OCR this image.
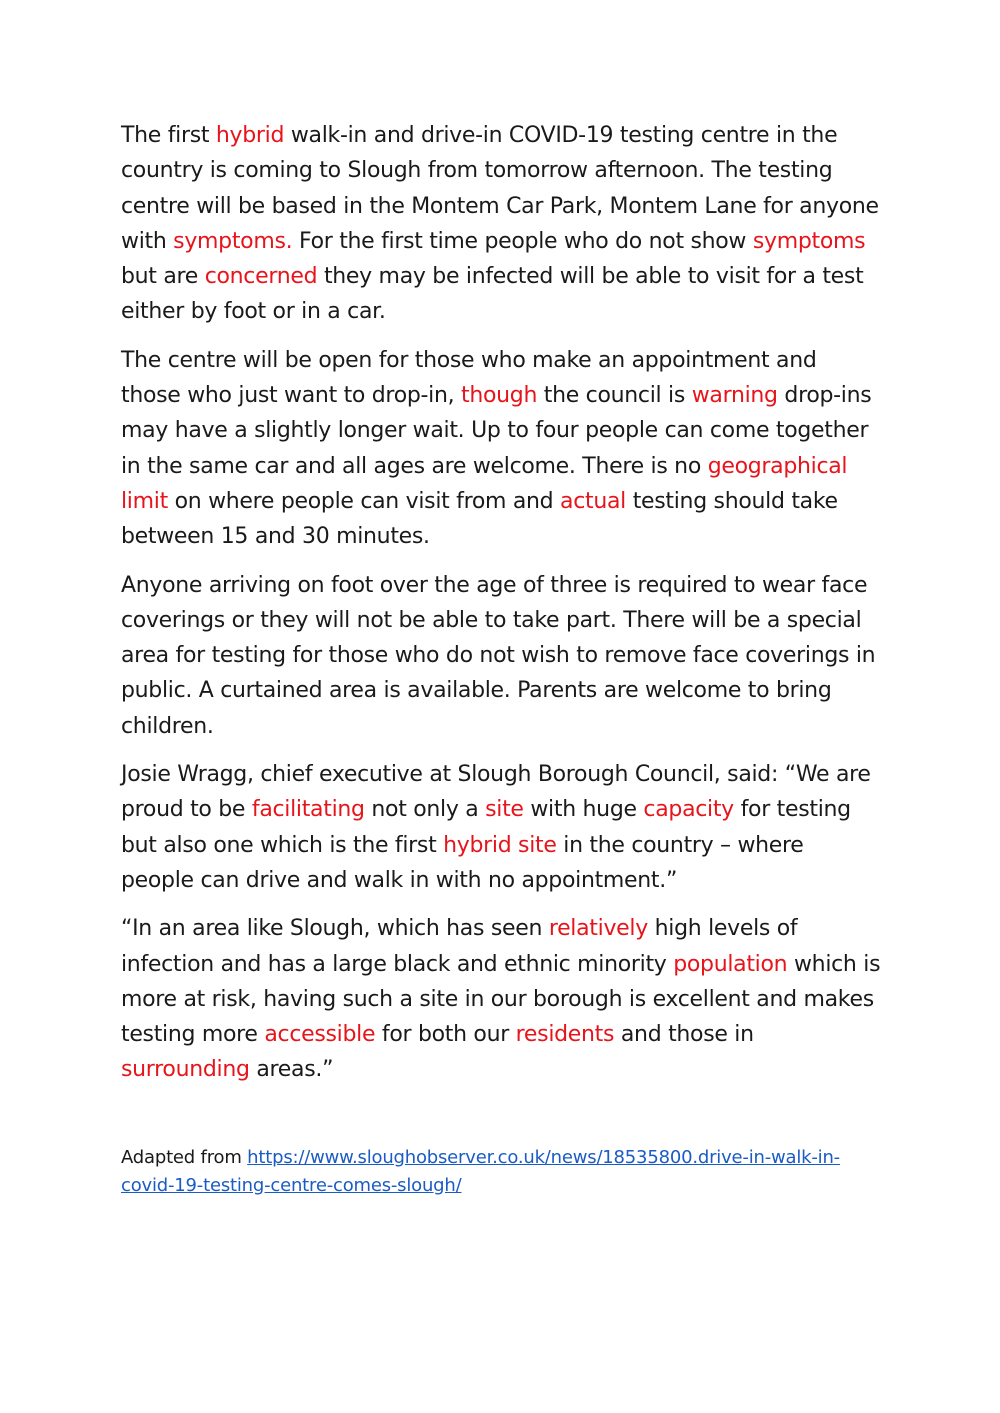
The first hybrid walk-in and drive-in COVID-19 testing centre in the country is coming to Slough from tomorrow afternoon. The testing centre will be based in the Montem Car Park, Montem Lane for anyone with symptoms. For the first time people who do not show symptoms but are concerned they may be infected will be able to visit for a test either by foot or in a car.

The centre will be open for those who make an appointment and those who just want to drop-in, though the council is warning drop-ins may have a slightly longer wait. Up to four people can come together in the same car and all ages are welcome. There is no geographical limit on where people can visit from and actual testing should take between 15 and 30 minutes.

Anyone arriving on foot over the age of three is required to wear face coverings or they will not be able to take part. There will be a special area for testing for those who do not wish to remove face coverings in public. A curtained area is available. Parents are welcome to bring children.

Josie Wragg, chief executive at Slough Borough Council, said: “We are proud to be facilitating not only a site with huge capacity for testing but also one which is the first hybrid site in the country – where people can drive and walk in with no appointment.”

“In an area like Slough, which has seen relatively high levels of infection and has a large black and ethnic minority population which is more at risk, having such a site in our borough is excellent and makes testing more accessible for both our residents and those in surrounding areas.”

Adapted from https://www.sloughobserver.co.uk/news/18535800.drive-in-walk-in-covid-19-testing-centre-comes-slough/
